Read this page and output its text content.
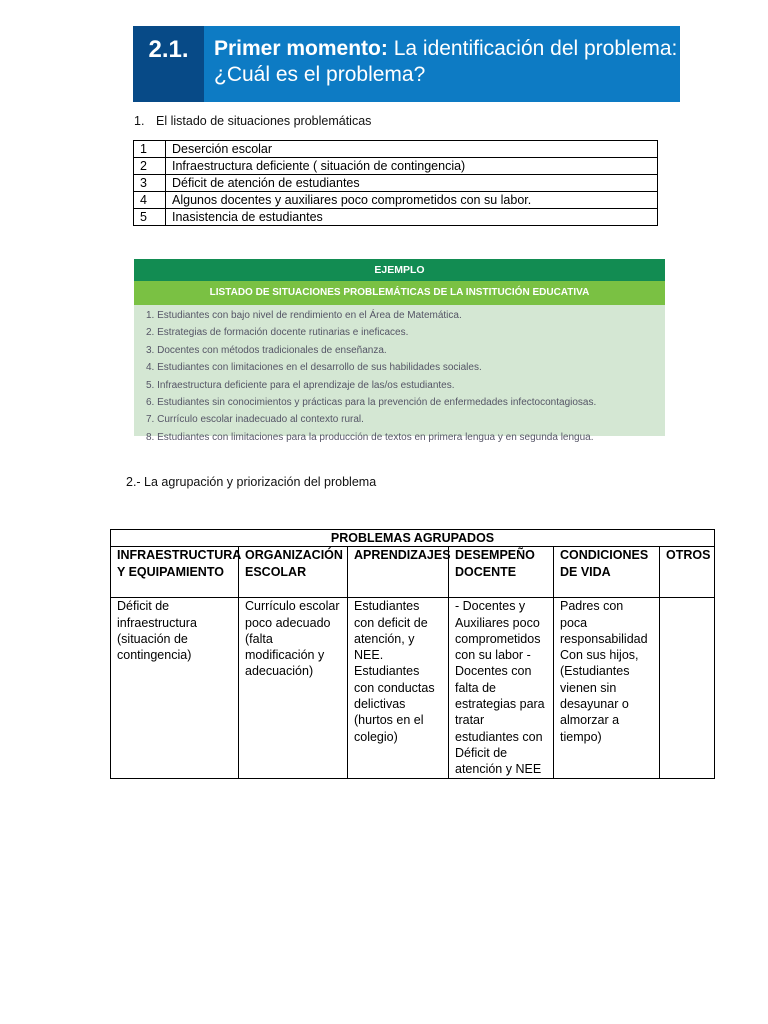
2.1.	Primer momento: La identificación del problema:
¿Cuál es el problema?
1. El listado de situaciones problemáticas
1	Deserción escolar
2	Infraestructura deficiente ( situación de contingencia)
3	Déficit de atención de estudiantes
4	Algunos docentes y auxiliares poco comprometidos con su labor.
5	Inasistencia de estudiantes
EJEMPLO
LISTADO DE SITUACIONES PROBLEMÁTICAS DE LA INSTITUCIÓN EDUCATIVA
1. Estudiantes con bajo nivel de rendimiento en el Área de Matemática.
2. Estrategias de formación docente rutinarias e ineficaces.
3. Docentes con métodos tradicionales de enseñanza.
4. Estudiantes con limitaciones en el desarrollo de sus habilidades sociales.
5. Infraestructura deficiente para el aprendizaje de las/os estudiantes.
6. Estudiantes sin conocimientos y prácticas para la prevención de enfermedades infectocontagiosas.
7. Currículo escolar inadecuado al contexto rural.
8. Estudiantes con limitaciones para la producción de textos en primera lengua y en segunda lengua.
2.- La agrupación y priorización del problema
PROBLEMAS AGRUPADOS					
INFRAESTRUCTURA Y EQUIPAMIENTO	ORGANIZACIÓN ESCOLAR	APRENDIZAJES	DESEMPEÑO DOCENTE	CONDICIONES DE VIDA	OTROS
Déficit de infraestructura (situación de contingencia)	Currículo escolar poco adecuado (falta modificación y adecuación)	Estudiantes con deficit de atención, y NEE. Estudiantes con conductas delictivas (hurtos en el colegio)	- Docentes y Auxiliares poco comprometidos con su labor -Docentes con falta de estrategias para tratar estudiantes con Déficit de atención y NEE	Padres con poca responsabilidad Con sus hijos, (Estudiantes vienen sin desayunar o almorzar a tiempo)	
